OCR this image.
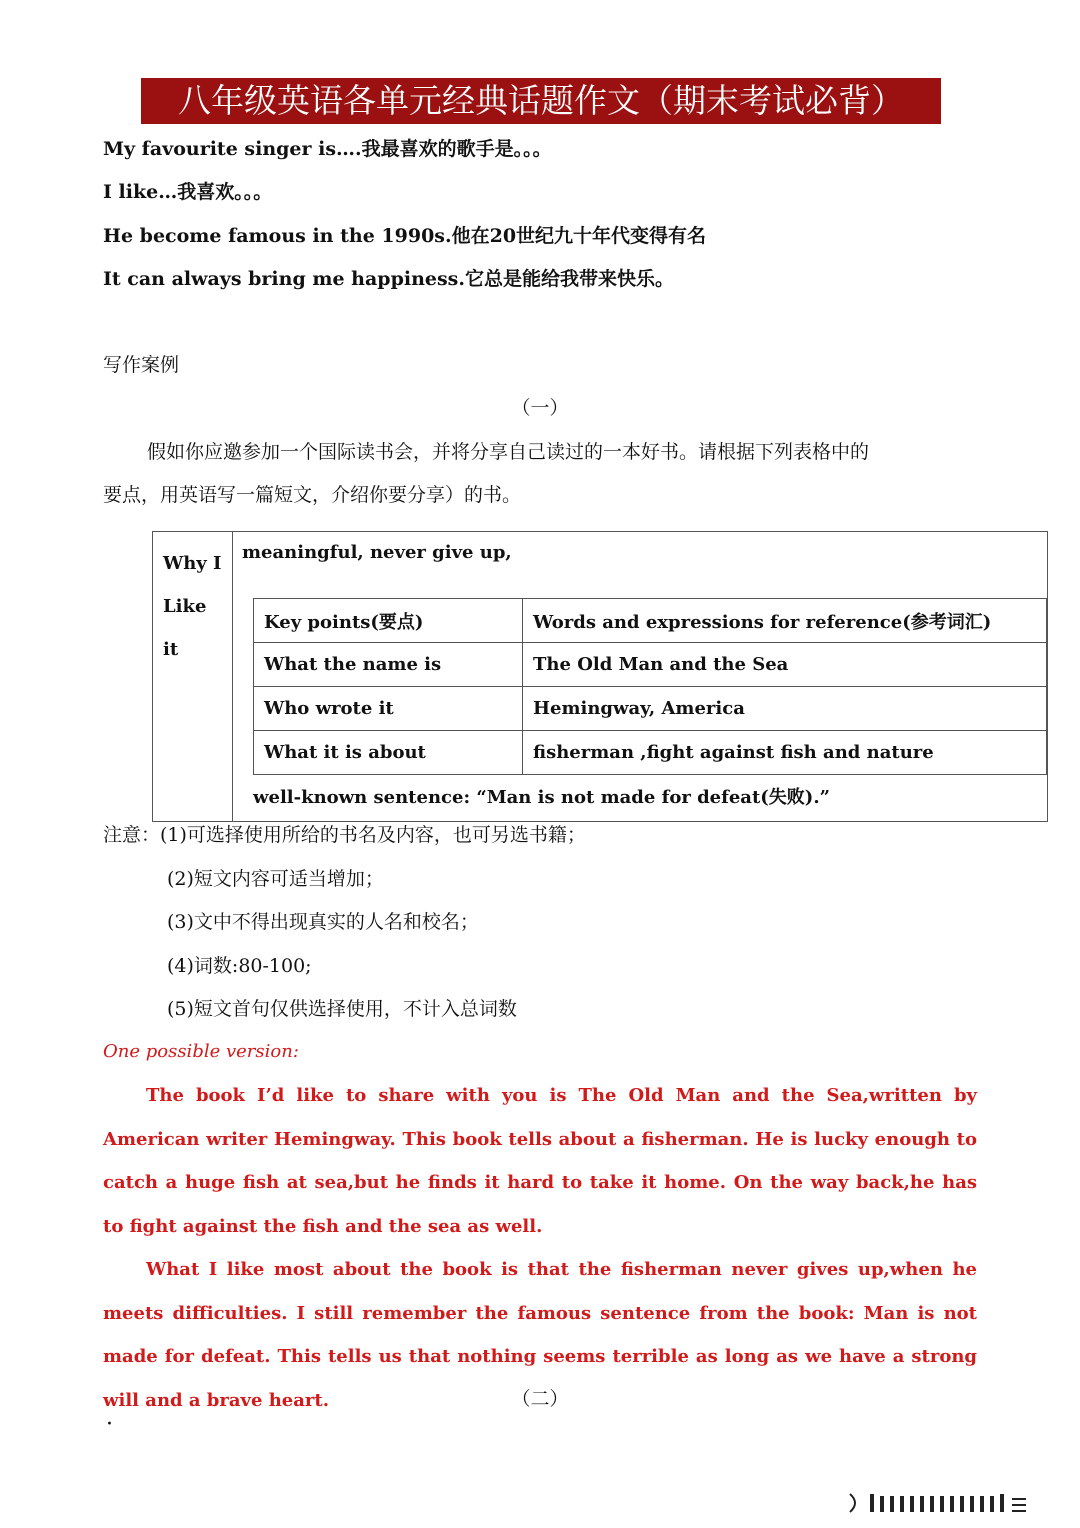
八年级英语各单元经典话题作文（期末考试必背）
My favourite singer is….我最喜欢的歌手是。。。
I like…我喜欢。。。
He become famous in the 1990s.他在20世纪九十年代变得有名
It can always bring me happiness.它总是能给我带来快乐。
写作案例
（一）
假如你应邀参加一个国际读书会，并将分享自己读过的一本好书。请根据下列表格中的
要点，用英语写一篇短文，介绍你要分享）的书。
Why I
Like
it
	meaningful, never give up,

Key points(要点)	Words and expressions for reference(参考词汇)
What the name is	The Old Man and the Sea
Who wrote it	Hemingway, America
What it is about	fisherman ,fight against fish and nature
well-known sentence: “Man is not made for defeat(失败).”
注意：(1)可选择使用所给的书名及内容，也可另选书籍；
(2)短文内容可适当增加；
(3)文中不得出现真实的人名和校名；
(4)词数:80-100;
(5)短文首句仅供选择使用，不计入总词数
One possible version:
The book I’d like to share with you is The Old Man and the Sea,written by American writer Hemingway. This book tells about a fisherman. He is lucky enough to catch a huge fish at sea,but he finds it hard to take it home. On the way back,he has to fight against the fish and the sea as well.
What I like most about the book is that the fisherman never gives up,when he meets difficulties. I still remember the famous sentence from the book: Man is not made for defeat. This tells us that nothing seems terrible as long as we have a strong will and a brave heart.	（二）
·
